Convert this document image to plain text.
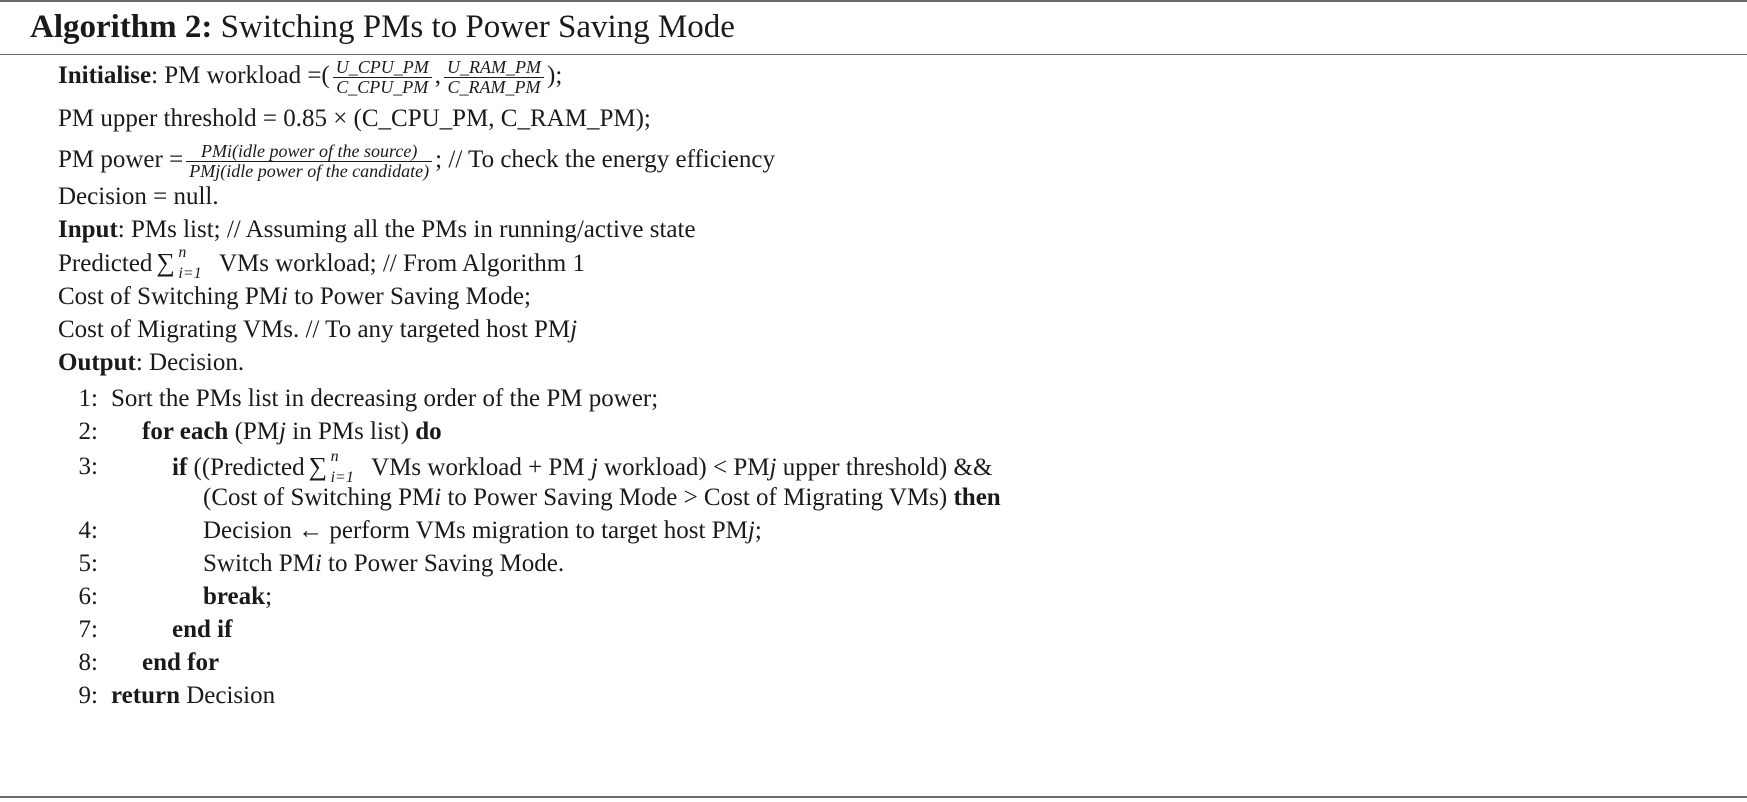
Algorithm 2: Switching PMs to Power Saving Mode
Initialise: PM workload =( $\frac{\text{U\_CPU\_PM}}{\text{C\_CPU\_PM}}$ , $\frac{\text{U\_RAM\_PM}}{\text{C\_RAM\_PM}}$ );
PM upper threshold = 0.85 × (C_CPU_PM, C_RAM_PM);
PM power = $\frac{\text{PMi(idle power of the source)}}{\text{PMj(idle power of the candidate)}}$ ; // To check the energy efficiency
Decision = null.
Input: PMs list; // Assuming all the PMs in running/active state
Predicted ∑ n
i=1 VMs workload; // From Algorithm 1
Cost of Switching PMi to Power Saving Mode;
Cost of Migrating VMs. // To any targeted host PMj
Output: Decision.
1: Sort the PMs list in decreasing order of the PM power;
2: for each (PMj in PMs list) do
3:	if ((Predicted ∑ n
i=1 VMs workload + PM j workload) < PMj upper threshold) &&
(Cost of Switching PMi to Power Saving Mode > Cost of Migrating VMs) then
4:	Decision ← perform VMs migration to target host PMj;
5:	Switch PMi to Power Saving Mode.
6:	break;
7:	end if
8: end for
9: return Decision
